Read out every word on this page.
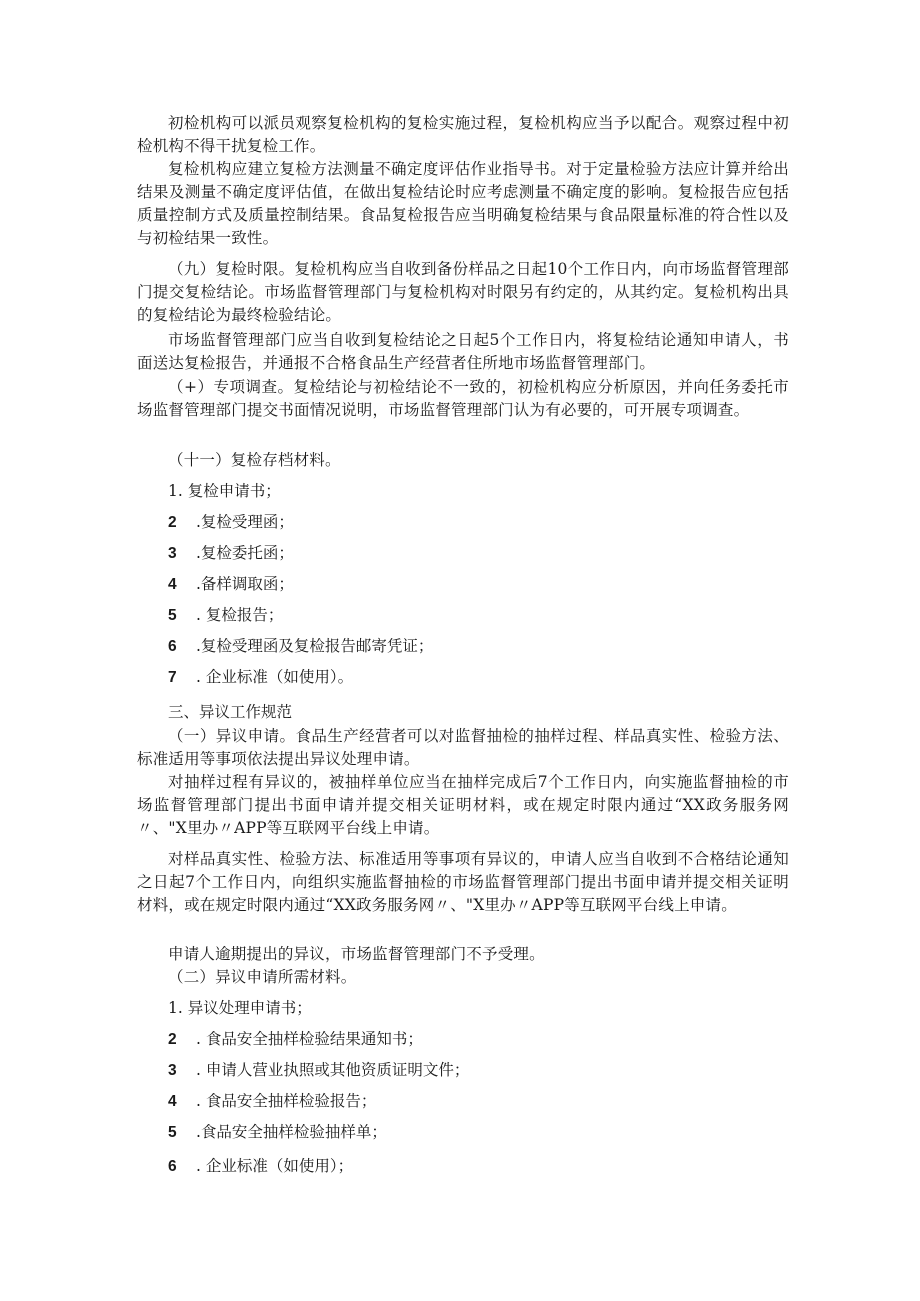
初检机构可以派员观察复检机构的复检实施过程，复检机构应当予以配合。观察过程中初检机构不得干扰复检工作。

复检机构应建立复检方法测量不确定度评估作业指导书。对于定量检验方法应计算并给出结果及测量不确定度评估值，在做出复检结论时应考虑测量不确定度的影响。复检报告应包括质量控制方式及质量控制结果。食品复检报告应当明确复检结果与食品限量标准的符合性以及与初检结果一致性。

（九）复检时限。复检机构应当自收到备份样品之日起10个工作日内，向市场监督管理部门提交复检结论。市场监督管理部门与复检机构对时限另有约定的，从其约定。复检机构出具的复检结论为最终检验结论。

市场监督管理部门应当自收到复检结论之日起5个工作日内，将复检结论通知申请人，书面送达复检报告，并通报不合格食品生产经营者住所地市场监督管理部门。

（+）专项调查。复检结论与初检结论不一致的，初检机构应分析原因，并向任务委托市场监督管理部门提交书面情况说明，市场监督管理部门认为有必要的，可开展专项调查。

（十一）复检存档材料。

1. 复检申请书；

2 .复检受理函；

3 .复检委托函；

4 .备样调取函；

5 . 复检报告；

6 .复检受理函及复检报告邮寄凭证；

7 . 企业标准（如使用）。

三、异议工作规范

（一）异议申请。食品生产经营者可以对监督抽检的抽样过程、样品真实性、检验方法、标准适用等事项依法提出异议处理申请。

对抽样过程有异议的，被抽样单位应当在抽样完成后7个工作日内，向实施监督抽检的市场监督管理部门提出书面申请并提交相关证明材料，或在规定时限内通过“XX政务服务网〃、"X里办〃APP等互联网平台线上申请。

对样品真实性、检验方法、标准适用等事项有异议的，申请人应当自收到不合格结论通知之日起7个工作日内，向组织实施监督抽检的市场监督管理部门提出书面申请并提交相关证明材料，或在规定时限内通过“XX政务服务网〃、"X里办〃APP等互联网平台线上申请。

申请人逾期提出的异议，市场监督管理部门不予受理。

（二）异议申请所需材料。

1. 异议处理申请书；

2 . 食品安全抽样检验结果通知书；

3 . 申请人营业执照或其他资质证明文件；

4 . 食品安全抽样检验报告；

5 .食品安全抽样检验抽样单；

6 . 企业标准（如使用）；
